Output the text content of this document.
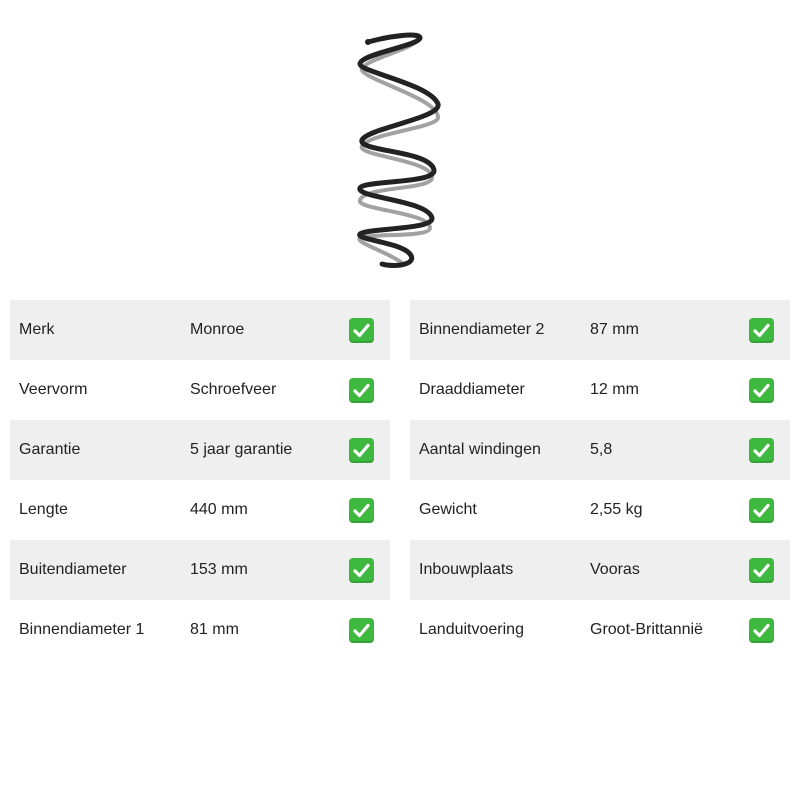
Merk	Monroe
Veervorm	Schroefveer
Garantie	5 jaar garantie
Lengte	440 mm
Buitendiameter	153 mm
Binnendiameter 1	81 mm
Binnendiameter 2	87 mm
Draaddiameter	12 mm
Aantal windingen	5,8
Gewicht	2,55 kg
Inbouwplaats	Vooras
Landuitvoering	Groot-Brittannië
